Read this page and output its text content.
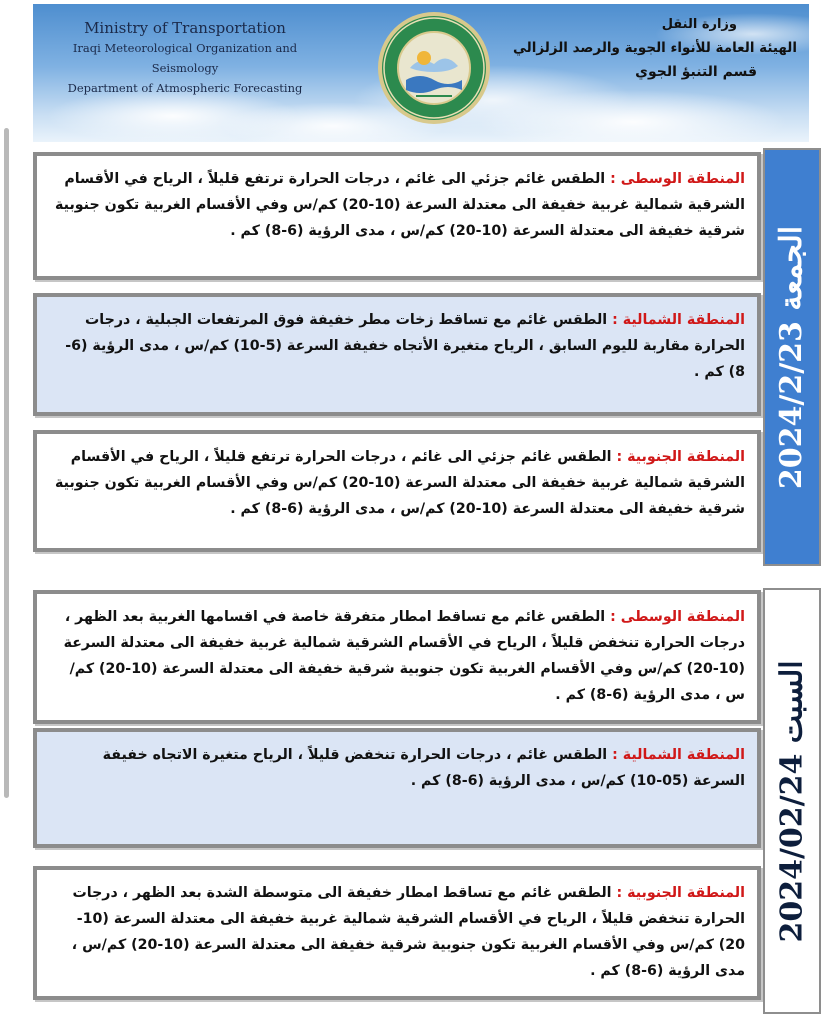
Ministry of Transportation
Iraqi Meteorological Organization and Seismology
Department of Atmospheric Forecasting
وزارة النقل
الهيئة العامة للأنواء الجوية والرصد الزلزالي
قسم التنبؤ الجوي
الجمعة 2024/2/23
المنطقة الوسطى : الطقس غائم جزئي الى غائم ، درجات الحرارة ترتفع قليلاً ، الرياح في الأقسام الشرقية شمالية غربية خفيفة الى معتدلة السرعة (10-20) كم/س وفي الأقسام الغربية تكون جنوبية شرقية خفيفة الى معتدلة السرعة (10-20) كم/س ، مدى الرؤية (6-8) كم .
المنطقة الشمالية : الطقس غائم مع تساقط زخات مطر خفيفة فوق المرتفعات الجبلية ، درجات الحرارة مقاربة لليوم السابق ، الرياح متغيرة الأتجاه خفيفة السرعة (5-10) كم/س ، مدى الرؤية (6-8) كم .
المنطقة الجنوبية : الطقس غائم جزئي الى غائم ، درجات الحرارة ترتفع قليلاً ، الرياح في الأقسام الشرقية شمالية غربية خفيفة الى معتدلة السرعة (10-20) كم/س وفي الأقسام الغربية تكون جنوبية شرقية خفيفة الى معتدلة السرعة (10-20) كم/س ، مدى الرؤية (6-8) كم .
السبت 2024/02/24
المنطقة الوسطى : الطقس غائم مع تساقط امطار متفرقة خاصة في اقسامها الغربية بعد الظهر ، درجات الحرارة تنخفض قليلاً ، الرياح في الأقسام الشرقية شمالية غربية خفيفة الى معتدلة السرعة (10-20) كم/س وفي الأقسام الغربية تكون جنوبية شرقية خفيفة الى معتدلة السرعة (10-20) كم/س ، مدى الرؤية (6-8) كم .
المنطقة الشمالية : الطقس غائم ، درجات الحرارة تنخفض قليلاً ، الرياح متغيرة الاتجاه خفيفة السرعة (05-10) كم/س ، مدى الرؤية (6-8) كم .
المنطقة الجنوبية : الطقس غائم مع تساقط امطار خفيفة الى متوسطة الشدة بعد الظهر ، درجات الحرارة تنخفض قليلاً ، الرياح في الأقسام الشرقية شمالية غربية خفيفة الى معتدلة السرعة (10-20) كم/س وفي الأقسام الغربية تكون جنوبية شرقية خفيفة الى معتدلة السرعة (10-20) كم/س ، مدى الرؤية (6-8) كم .
